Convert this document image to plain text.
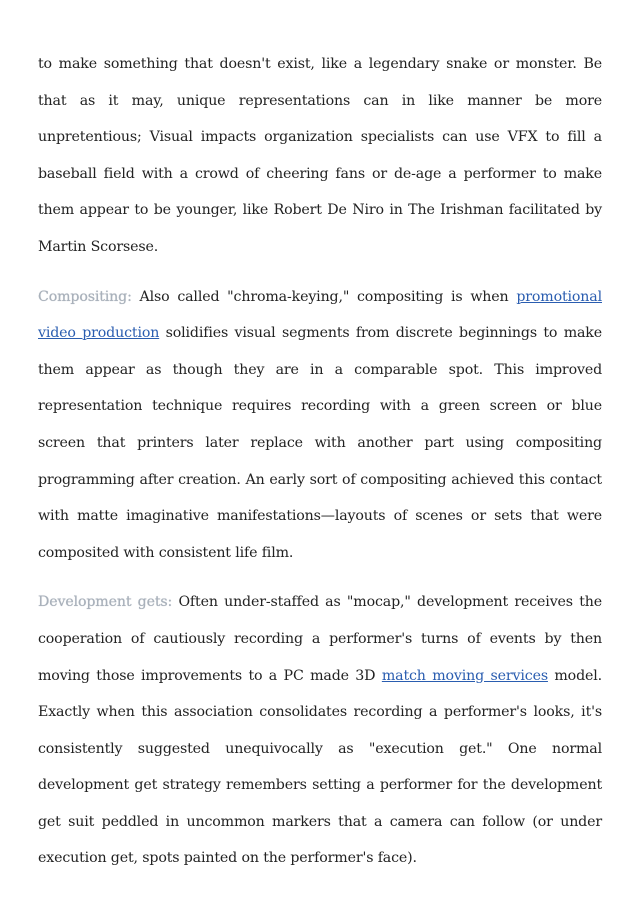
to make something that doesn't exist, like a legendary snake or monster. Be that as it may, unique representations can in like manner be more unpretentious; Visual impacts organization specialists can use VFX to fill a baseball field with a crowd of cheering fans or de-age a performer to make them appear to be younger, like Robert De Niro in The Irishman facilitated by Martin Scorsese.

Compositing: Also called "chroma-keying," compositing is when promotional video production solidifies visual segments from discrete beginnings to make them appear as though they are in a comparable spot. This improved representation technique requires recording with a green screen or blue screen that printers later replace with another part using compositing programming after creation. An early sort of compositing achieved this contact with matte imaginative manifestations—layouts of scenes or sets that were composited with consistent life film.

Development gets: Often under-staffed as "mocap," development receives the cooperation of cautiously recording a performer's turns of events by then moving those improvements to a PC made 3D match moving services model. Exactly when this association consolidates recording a performer's looks, it's consistently suggested unequivocally as "execution get." One normal development get strategy remembers setting a performer for the development get suit peddled in uncommon markers that a camera can follow (or under execution get, spots painted on the performer's face).
